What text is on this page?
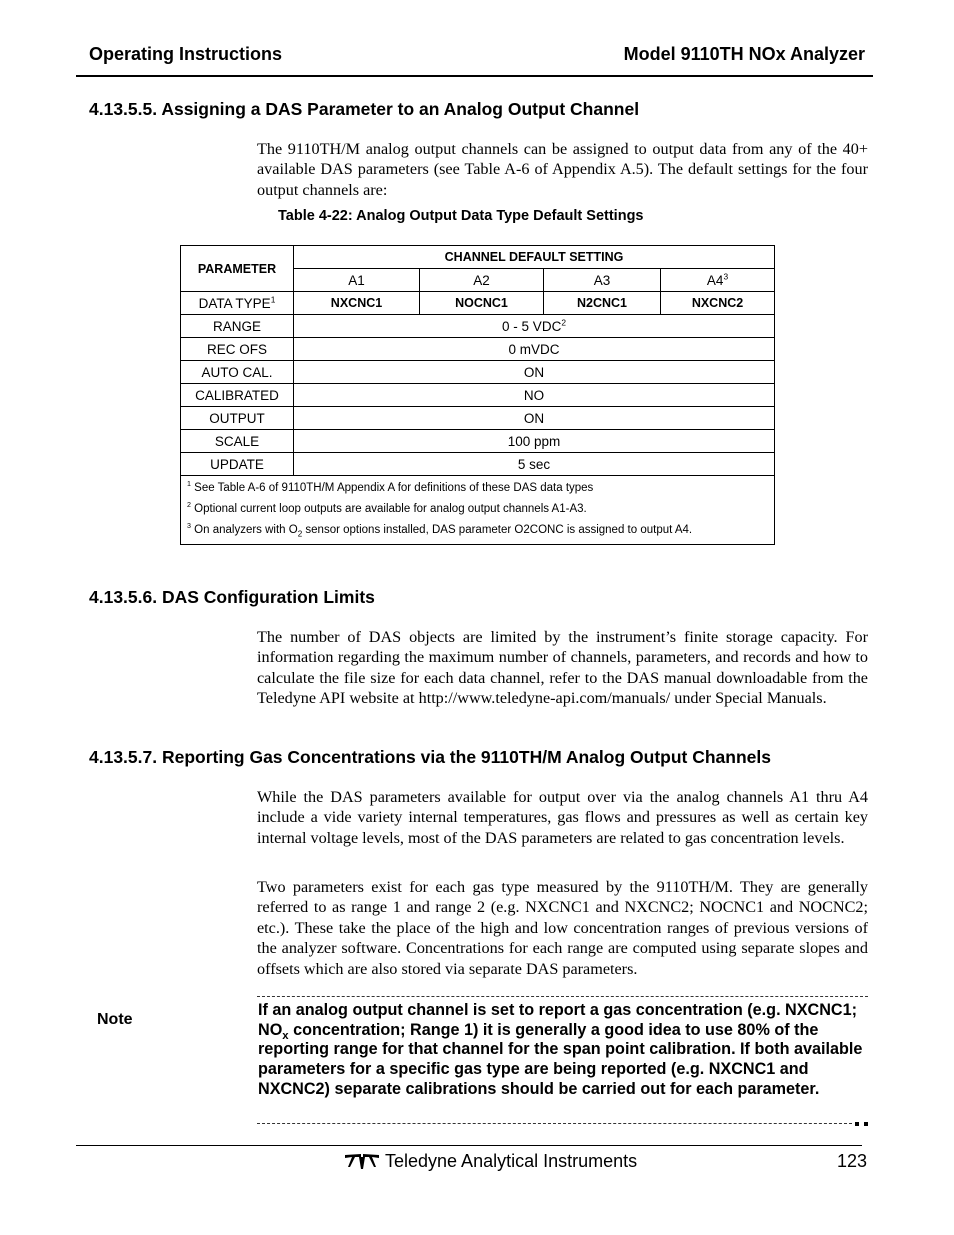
Operating Instructions	Model 9110TH NOx Analyzer
4.13.5.5. Assigning a DAS Parameter to an Analog Output Channel
The 9110TH/M analog output channels can be assigned to output data from any of the 40+ available DAS parameters (see Table A-6 of Appendix A.5). The default settings for the four output channels are:
Table 4-22: Analog Output Data Type Default Settings
PARAMETER	CHANNEL DEFAULT SETTING			
	A1	A2	A3	$A4^3$
DATA TYPE$^1$	NXCNC1	NOCNC1	N2CNC1	NXCNC2
RANGE	0 - 5 VDC$^2$
REC OFS	0 mVDC			
AUTO CAL.	ON			
CALIBRATED	NO			
OUTPUT	ON			
SCALE	100 ppm			
UPDATE	5 sec			

$^1$ See Table A-6 of 9110TH/M Appendix A for definitions of these DAS data types
$^2$ Optional current loop outputs are available for analog output channels A1-A3.
$^3$ On analyzers with $O_2$ sensor options installed, DAS parameter O2CONC is assigned to output A4.				
4.13.5.6. DAS Configuration Limits
The number of DAS objects are limited by the instrument’s finite storage capacity. For information regarding the maximum number of channels, parameters, and records and how to calculate the file size for each data channel, refer to the DAS manual downloadable from the Teledyne API website at http://www.teledyne-api.com/manuals/ under Special Manuals.
4.13.5.7. Reporting Gas Concentrations via the 9110TH/M Analog Output Channels
While the DAS parameters available for output over via the analog channels A1 thru A4 include a vide variety internal temperatures, gas flows and pressures as well as certain key internal voltage levels, most of the DAS parameters are related to gas concentration levels.
Two parameters exist for each gas type measured by the 9110TH/M. They are generally referred to as range 1 and range 2 (e.g. NXCNC1 and NXCNC2; NOCNC1 and NOCNC2; etc.). These take the place of the high and low concentration ranges of previous versions of the analyzer software. Concentrations for each range are computed using separate slopes and offsets which are also stored via separate DAS parameters.
Note
If an analog output channel is set to report a gas concentration (e.g. NXCNC1; $NO_x$ concentration; Range 1) it is generally a good idea to use 80% of the reporting range for that channel for the span point calibration. If both available parameters for a specific gas type are being reported (e.g. NXCNC1 and NXCNC2) separate calibrations should be carried out for each parameter.
Teledyne Analytical Instruments	123
